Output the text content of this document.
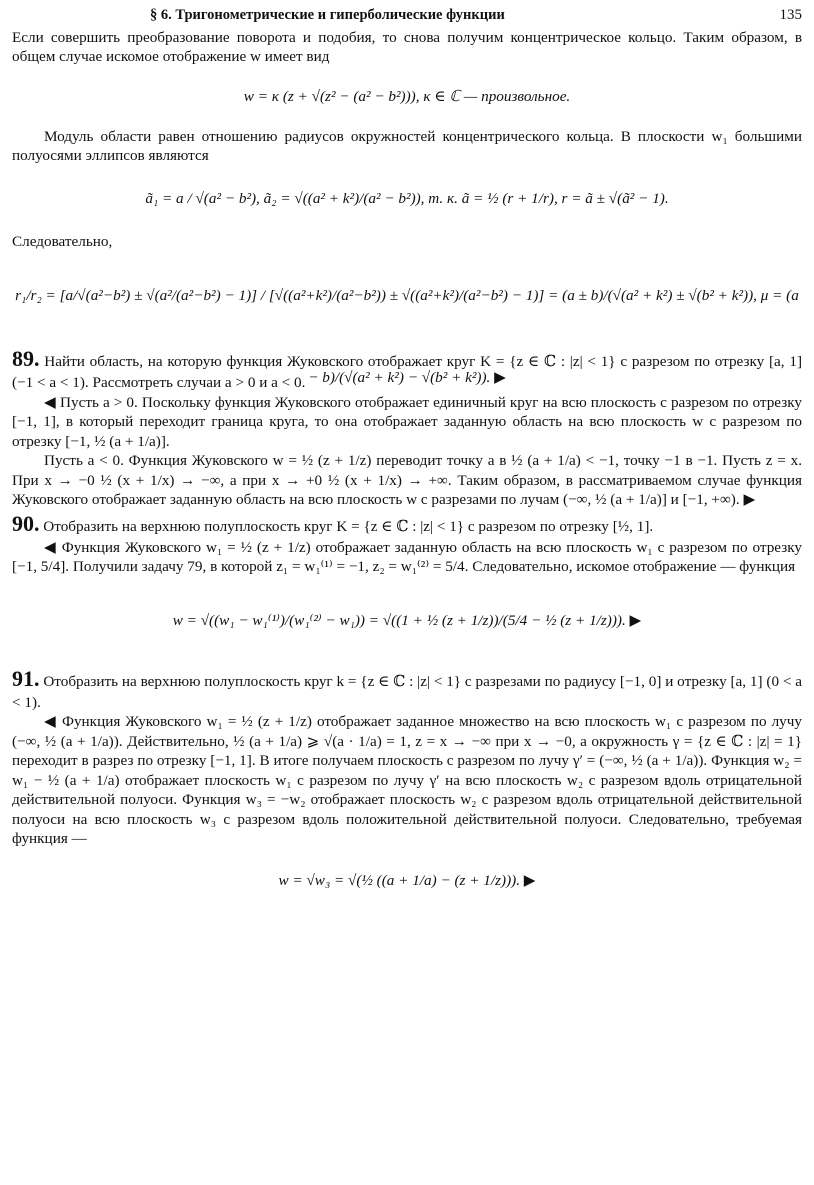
§ 6. Тригонометрические и гиперболические функции	135

Если совершить преобразование поворота и подобия, то снова получим концентрическое кольцо. Таким образом, в общем случае искомое отображение w имеет вид

w = κ (z + √(z² − (a² − b²))), κ ∈ ℂ — произвольное.

Модуль области равен отношению радиусов окружностей концентрического кольца. В плоскости w₁ большими полуосями эллипсов являются

ã₁ = a / √(a² − b²), ã₂ = √((a² + k²)/(a² − b²)), т. к. ã = ½ (r + 1/r), r = ã ± √(ã² − 1).

Следовательно,

r₁/r₂ = [a/√(a²−b²) ± √(a²/(a²−b²) − 1)] / [√((a²+k²)/(a²−b²)) ± √((a²+k²)/(a²−b²) − 1)] = (a ± b)/(√(a² + k²) ± √(b² + k²)), μ = (a − b)/(√(a² + k²) − √(b² + k²)). ▶

89. Найти область, на которую функция Жуковского отображает круг K = {z ∈ ℂ : |z| < 1} с разрезом по отрезку [a, 1] (−1 < a < 1). Рассмотреть случаи a > 0 и a < 0.

◀ Пусть a > 0. Поскольку функция Жуковского отображает единичный круг на всю плоскость с разрезом по отрезку [−1, 1], в который переходит граница круга, то она отображает заданную область на всю плоскость w с разрезом по отрезку [−1, ½ (a + 1/a)].

Пусть a < 0. Функция Жуковского w = ½ (z + 1/z) переводит точку a в ½ (a + 1/a) < −1, точку −1 в −1. Пусть z = x. При x → −0 ½ (x + 1/x) → −∞, а при x → +0 ½ (x + 1/x) → +∞. Таким образом, в рассматриваемом случае функция Жуковского отображает заданную область на всю плоскость w с разрезами по лучам (−∞, ½ (a + 1/a)] и [−1, +∞). ▶

90. Отобразить на верхнюю полуплоскость круг K = {z ∈ ℂ : |z| < 1} с разрезом по отрезку [½, 1].

◀ Функция Жуковского w₁ = ½ (z + 1/z) отображает заданную область на всю плоскость w₁ с разрезом по отрезку [−1, 5/4]. Получили задачу 79, в которой z₁ = w₁⁽¹⁾ = −1, z₂ = w₁⁽²⁾ = 5/4. Следовательно, искомое отображение — функция

w = √((w₁ − w₁⁽¹⁾)/(w₁⁽²⁾ − w₁)) = √((1 + ½ (z + 1/z))/(5/4 − ½ (z + 1/z))). ▶

91. Отобразить на верхнюю полуплоскость круг k = {z ∈ ℂ : |z| < 1} с разрезами по радиусу [−1, 0] и отрезку [a, 1] (0 < a < 1).

◀ Функция Жуковского w₁ = ½ (z + 1/z) отображает заданное множество на всю плоскость w₁ с разрезом по лучу (−∞, ½ (a + 1/a)). Действительно, ½ (a + 1/a) ⩾ √(a · 1/a) = 1, z = x → −∞ при x → −0, а окружность γ = {z ∈ ℂ : |z| = 1} переходит в разрез по отрезку [−1, 1]. В итоге получаем плоскость с разрезом по лучу γ′ = (−∞, ½ (a + 1/a)). Функция w₂ = w₁ − ½ (a + 1/a) отображает плоскость w₁ с разрезом по лучу γ′ на всю плоскость w₂ с разрезом вдоль отрицательной действительной полуоси. Функция w₃ = −w₂ отображает плоскость w₂ с разрезом вдоль отрицательной действительной полуоси на всю плоскость w₃ с разрезом вдоль положительной действительной полуоси. Следовательно, требуемая функция —

w = √w₃ = √(½ ((a + 1/a) − (z + 1/z))). ▶
